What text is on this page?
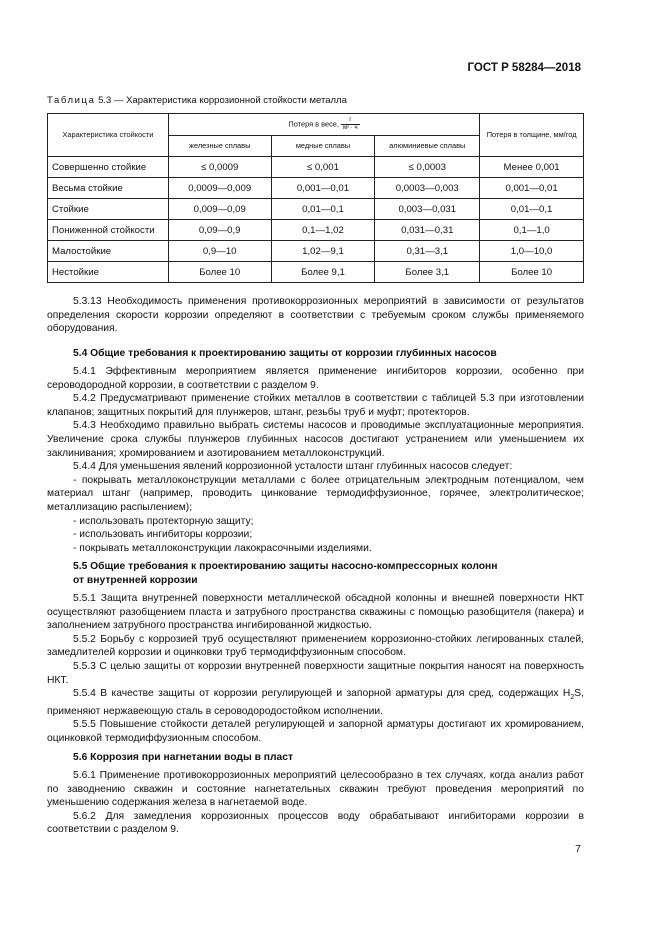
ГОСТ Р 58284—2018
Таблица 5.3 — Характеристика коррозионной стойкости металла
Характеристика стойкости	Потеря в весе, $\frac{г}{\text{м² · ч}}$			Потеря в толщине, мм/год
	железные сплавы	медные сплавы	алюминиевые сплавы	
Совершенно стойкие	≤ 0,0009	≤ 0,001	≤ 0,0003	Менее 0,001
Весьма стойкие	0,0009—0,009	0,001—0,01	0,0003—0,003	0,001—0,01
Стойкие	0,009—0,09	0,01—0,1	0,003—0,031	0,01—0,1
Пониженной стойкости	0,09—0,9	0,1—1,02	0,031—0,31	0,1—1,0
Малостойкие	0,9—10	1,02—9,1	0,31—3,1	1,0—10,0
Нестойкие	Более 10	Более 9,1	Более 3,1	Более 10

5.3.13 Необходимость применения противокоррозионных мероприятий в зависимости от результатов определения скорости коррозии определяют в соответствии с требуемым сроком службы применяемого оборудования.

5.4 Общие требования к проектированию защиты от коррозии глубинных насосов

5.4.1 Эффективным мероприятием является применение ингибиторов коррозии, особенно при сероводородной коррозии, в соответствии с разделом 9.

5.4.2 Предусматривают применение стойких металлов в соответствии с таблицей 5.3 при изготовлении клапанов; защитных покрытий для плунжеров, штанг, резьбы труб и муфт; протекторов.

5.4.3 Необходимо правильно выбрать системы насосов и проводимые эксплуатационные мероприятия. Увеличение срока службы плунжеров глубинных насосов достигают устранением или уменьшением их заклинивания; хромированием и азотированием металлоконструкций.

5.4.4 Для уменьшения явлений коррозионной усталости штанг глубинных насосов следует:

- покрывать металлоконструкции металлами с более отрицательным электродным потенциалом, чем материал штанг (например, проводить цинкование термодиффузионное, горячее, электролитическое; металлизацию распылением);

- использовать протекторную защиту;

- использовать ингибиторы коррозии;

- покрывать металлоконструкции лакокрасочными изделиями.

5.5 Общие требования к проектированию защиты насосно-компрессорных колонн
от внутренней коррозии

5.5.1 Защита внутренней поверхности металлической обсадной колонны и внешней поверхности НКТ осуществляют разобщением пласта и затрубного пространства скважины с помощью разобщителя (пакера) и заполнением затрубного пространства ингибированной жидкостью.

5.5.2 Борьбу с коррозией труб осуществляют применением коррозионно-стойких легированных сталей, замедлителей коррозии и оцинковки труб термодиффузионным способом.

5.5.3 С целью защиты от коррозии внутренней поверхности защитные покрытия наносят на поверхность НКТ.

5.5.4 В качестве защиты от коррозии регулирующей и запорной арматуры для сред, содержащих $H_2S$, применяют нержавеющую сталь в сероводородостойком исполнении.

5.5.5 Повышение стойкости деталей регулирующей и запорной арматуры достигают их хромированием, оцинковкой термодиффузионным способом.

5.6 Коррозия при нагнетании воды в пласт

5.6.1 Применение противокоррозионных мероприятий целесообразно в тех случаях, когда анализ работ по заводнению скважин и состояние нагнетательных скважин требуют проведения мероприятий по уменьшению содержания железа в нагнетаемой воде.

5.6.2 Для замедления коррозионных процессов воду обрабатывают ингибиторами коррозии в соответствии с разделом 9.

7
